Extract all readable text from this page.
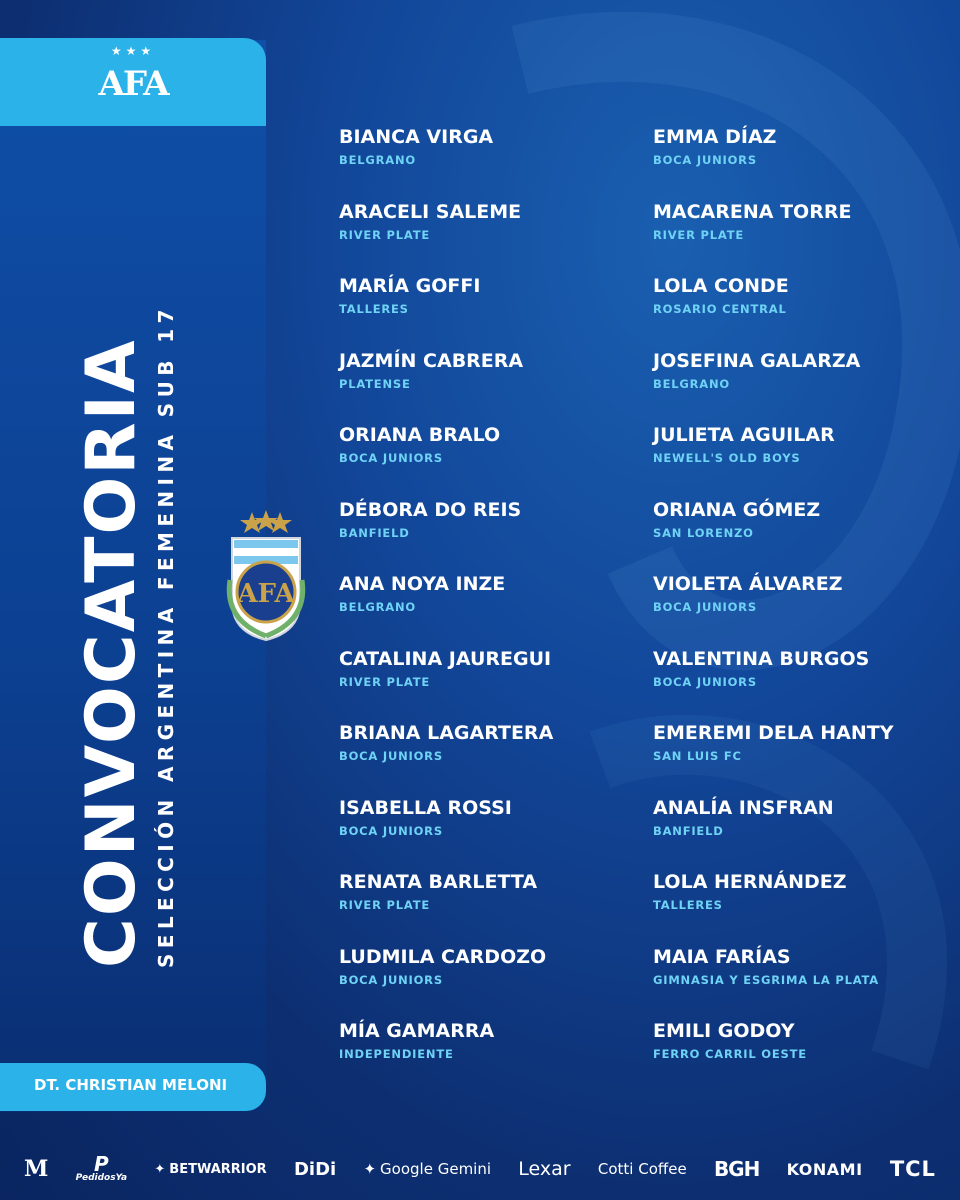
★★★
AFA
CONVOCATORIA SELECCIÓN ARGENTINA FEMENINA SUB 17 AFA
DT. CHRISTIAN MELONI
BIANCA VIRGA
BELGRANO
ARACELI SALEME
RIVER PLATE
MARÍA GOFFI
TALLERES
JAZMÍN CABRERA
PLATENSE
ORIANA BRALO
BOCA JUNIORS
DÉBORA DO REIS
BANFIELD
ANA NOYA INZE
BELGRANO
CATALINA JAUREGUI
RIVER PLATE
BRIANA LAGARTERA
BOCA JUNIORS
ISABELLA ROSSI
BOCA JUNIORS
RENATA BARLETTA
RIVER PLATE
LUDMILA CARDOZO
BOCA JUNIORS
MÍA GAMARRA
INDEPENDIENTE
EMMA DÍAZ
BOCA JUNIORS
MACARENA TORRE
RIVER PLATE
LOLA CONDE
ROSARIO CENTRAL
JOSEFINA GALARZA
BELGRANO
JULIETA AGUILAR
NEWELL'S OLD BOYS
ORIANA GÓMEZ
SAN LORENZO
VIOLETA ÁLVAREZ
BOCA JUNIORS
VALENTINA BURGOS
BOCA JUNIORS
EMEREMI DELA HANTY
SAN LUIS FC
ANALÍA INSFRAN
BANFIELD
LOLA HERNÁNDEZ
TALLERES
MAIA FARÍAS
GIMNASIA Y ESGRIMA LA PLATA
EMILI GODOY
FERRO CARRIL OESTE
M P
PedidosYa
✦ BETWARRIOR DiDi ✦ Google Gemini Lexar Cotti Coffee BGH KONAMI TCL
